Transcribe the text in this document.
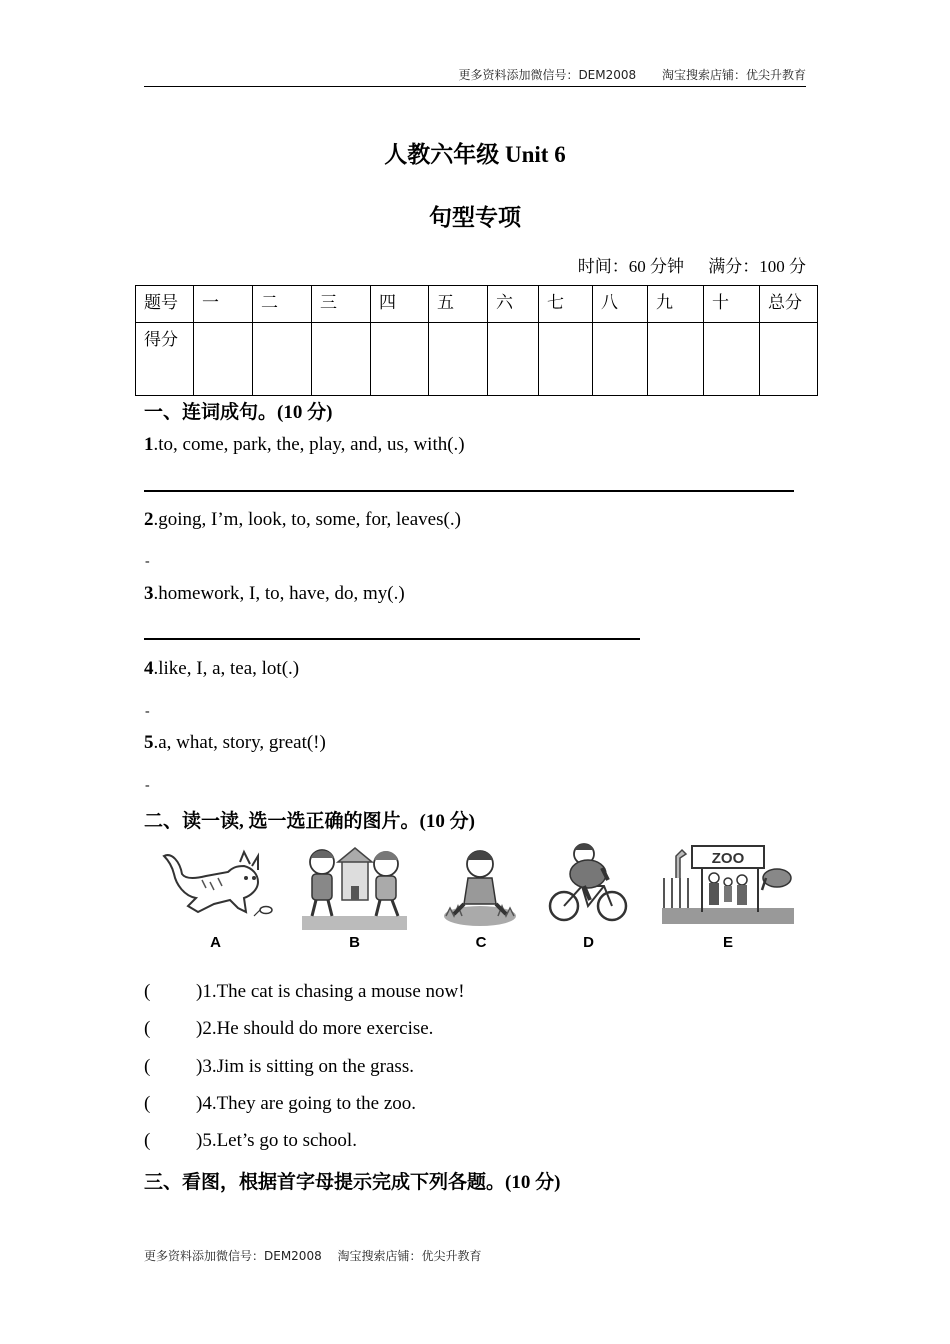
更多资料添加微信号：DEM2008 淘宝搜索店铺：优尖升教育
人教六年级 Unit 6
句型专项
时间：60 分钟 满分：100 分
题号	一	二	三	四	五	六	七	八	九	十	总分
得分											
一、连词成句。(10 分)
1.to, come, park, the, play, and, us, with(.)
2.going, I’m, look, to, some, for, leaves(.)
-
3.homework, I, to, have, do, my(.)
4.like, I, a, tea, lot(.)
-
5.a, what, story, great(!)
-
二、读一读, 选一选正确的图片。(10 分)
A	B	C	D
ZOO
E
( )1.The cat is chasing a mouse now!
( )2.He should do more exercise.
( )3.Jim is sitting on the grass.
( )4.They are going to the zoo.
( )5.Let’s go to school.
三、看图，根据首字母提示完成下列各题。(10 分)
更多资料添加微信号：DEM2008 淘宝搜索店铺：优尖升教育
